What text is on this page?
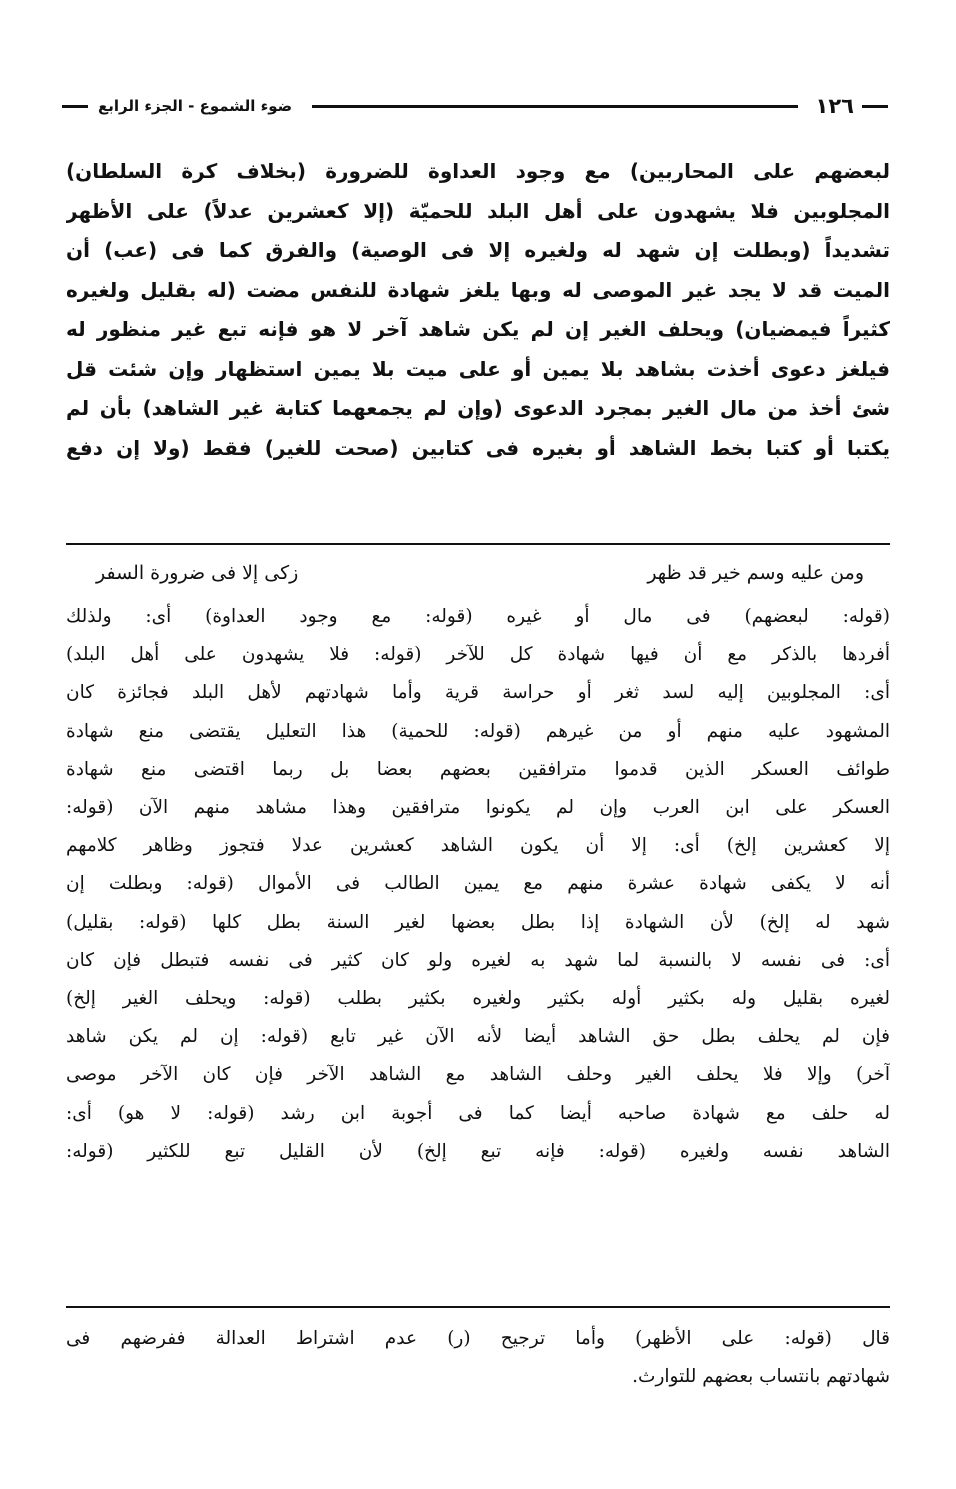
١٢٦
ضوء الشموع - الجزء الرابع
لبعضهم على المحاربين) مع وجود العداوة للضرورة (بخلاف كرة السلطان)
المجلوبين فلا يشهدون على أهل البلد للحميّة (إلا كعشرين عدلاً) على الأظهر
تشديداً (وبطلت إن شهد له ولغيره إلا فى الوصية) والفرق كما فى (عب) أن
الميت قد لا يجد غير الموصى له وبها يلغز شهادة للنفس مضت (له بقليل ولغيره
كثيراً فيمضيان) ويحلف الغير إن لم يكن شاهد آخر لا هو فإنه تبع غير منظور له
فيلغز دعوى أخذت بشاهد بلا يمين أو على ميت بلا يمين استظهار وإن شئت قل
شئ أخذ من مال الغير بمجرد الدعوى (وإن لم يجمعهما كتابة غير الشاهد) بأن لم
يكتبا أو كتبا بخط الشاهد أو بغيره فى كتابين (صحت للغير) فقط (ولا إن دفع
ومن عليه وسم خير قد ظهر
زكى إلا فى ضرورة السفر
(قوله: لبعضهم) فى مال أو غيره (قوله: مع وجود العداوة) أى: ولذلك
أفردها بالذكر مع أن فيها شهادة كل للآخر (قوله: فلا يشهدون على أهل البلد)
أى: المجلوبين إليه لسد ثغر أو حراسة قرية وأما شهادتهم لأهل البلد فجائزة كان
المشهود عليه منهم أو من غيرهم (قوله: للحمية) هذا التعليل يقتضى منع شهادة
طوائف العسكر الذين قدموا مترافقين بعضهم بعضا بل ربما اقتضى منع شهادة
العسكر على ابن العرب وإن لم يكونوا مترافقين وهذا مشاهد منهم الآن (قوله:
إلا كعشرين إلخ) أى: إلا أن يكون الشاهد كعشرين عدلا فتجوز وظاهر كلامهم
أنه لا يكفى شهادة عشرة منهم مع يمين الطالب فى الأموال (قوله: وبطلت إن
شهد له إلخ) لأن الشهادة إذا بطل بعضها لغير السنة بطل كلها (قوله: بقليل)
أى: فى نفسه لا بالنسبة لما شهد به لغيره ولو كان كثير فى نفسه فتبطل فإن كان
لغيره بقليل وله بكثير أوله بكثير ولغيره بكثير بطلب (قوله: ويحلف الغير إلخ)
فإن لم يحلف بطل حق الشاهد أيضا لأنه الآن غير تابع (قوله: إن لم يكن شاهد
آخر) وإلا فلا يحلف الغير وحلف الشاهد مع الشاهد الآخر فإن كان الآخر موصى
له حلف مع شهادة صاحبه أيضا كما فى أجوبة ابن رشد (قوله: لا هو) أى:
الشاهد نفسه ولغيره (قوله: فإنه تبع إلخ) لأن القليل تبع للكثير (قوله:
قال (قوله: على الأظهر) وأما ترجيح (ر) عدم اشتراط العدالة ففرضهم فى
شهادتهم بانتساب بعضهم للتوارث.
